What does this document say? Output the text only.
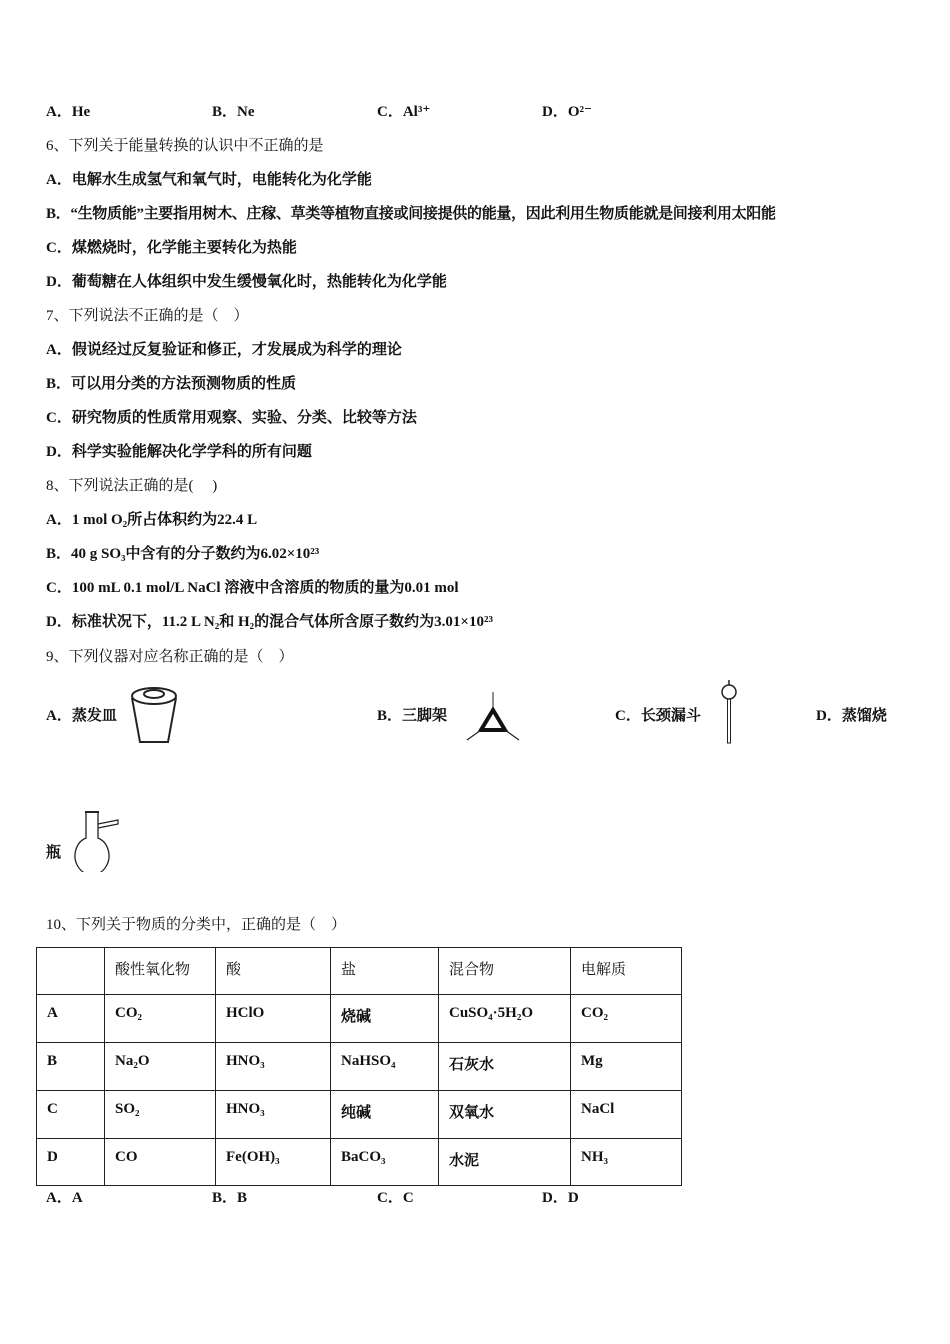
A．He	B．Ne	C．Al³⁺	D．O²⁻
6、下列关于能量转换的认识中不正确的是
A．电解水生成氢气和氧气时，电能转化为化学能
B．“生物质能”主要指用树木、庄稼、草类等植物直接或间接提供的能量，因此利用生物质能就是间接利用太阳能
C．煤燃烧时，化学能主要转化为热能
D．葡萄糖在人体组织中发生缓慢氧化时，热能转化为化学能
7、下列说法不正确的是（　）
A．假说经过反复验证和修正，才发展成为科学的理论
B．可以用分类的方法预测物质的性质
C．研究物质的性质常用观察、实验、分类、比较等方法
D．科学实验能解决化学学科的所有问题
8、下列说法正确的是(　 )
A．1 mol O₂所占体积约为22.4 L
B．40 g SO₃中含有的分子数约为6.02×10²³
C．100 mL 0.1 mol/L NaCl 溶液中含溶质的物质的量为0.01 mol
D．标准状况下，11.2 L N₂和 H₂的混合气体所含原子数约为3.01×10²³
9、下列仪器对应名称正确的是（　）
A．蒸发皿	B．三脚架	C．长颈漏斗	D．蒸馏烧
瓶
10、下列关于物质的分类中，正确的是（　）
	酸性氧化物	酸	盐	混合物	电解质
A	CO₂	HClO	烧碱	CuSO₄·5H₂O	CO₂
B	Na₂O	HNO₃	NaHSO₄	石灰水	Mg
C	SO₂	HNO₃	纯碱	双氧水	NaCl
D	CO	Fe(OH)₃	BaCO₃	水泥	NH₃
A．A	B．B	C．C	D．D
